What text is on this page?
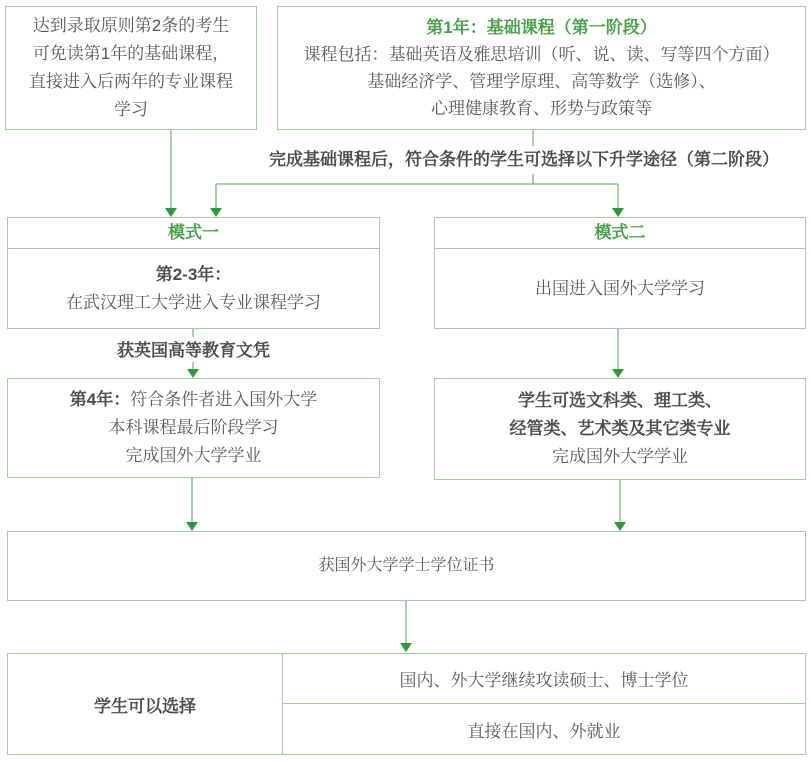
达到录取原则第2条的考生
可免读第1年的基础课程，
直接进入后两年的专业课程
学习
第1年：基础课程（第一阶段）
课程包括：基础英语及雅思培训（听、说、读、写等四个方面）
基础经济学、管理学原理、高等数学（选修）、
心理健康教育、形势与政策等
完成基础课程后，符合条件的学生可选择以下升学途径（第二阶段）
模式一
第2-3年：
在武汉理工大学进入专业课程学习
模式二
出国进入国外大学学习
获英国高等教育文凭
第4年：符合条件者进入国外大学
本科课程最后阶段学习
完成国外大学学业
学生可选文科类、理工类、
经管类、艺术类及其它类专业
完成国外大学学业
获国外大学学士学位证书
学生可以选择
国内、外大学继续攻读硕士、博士学位
直接在国内、外就业
